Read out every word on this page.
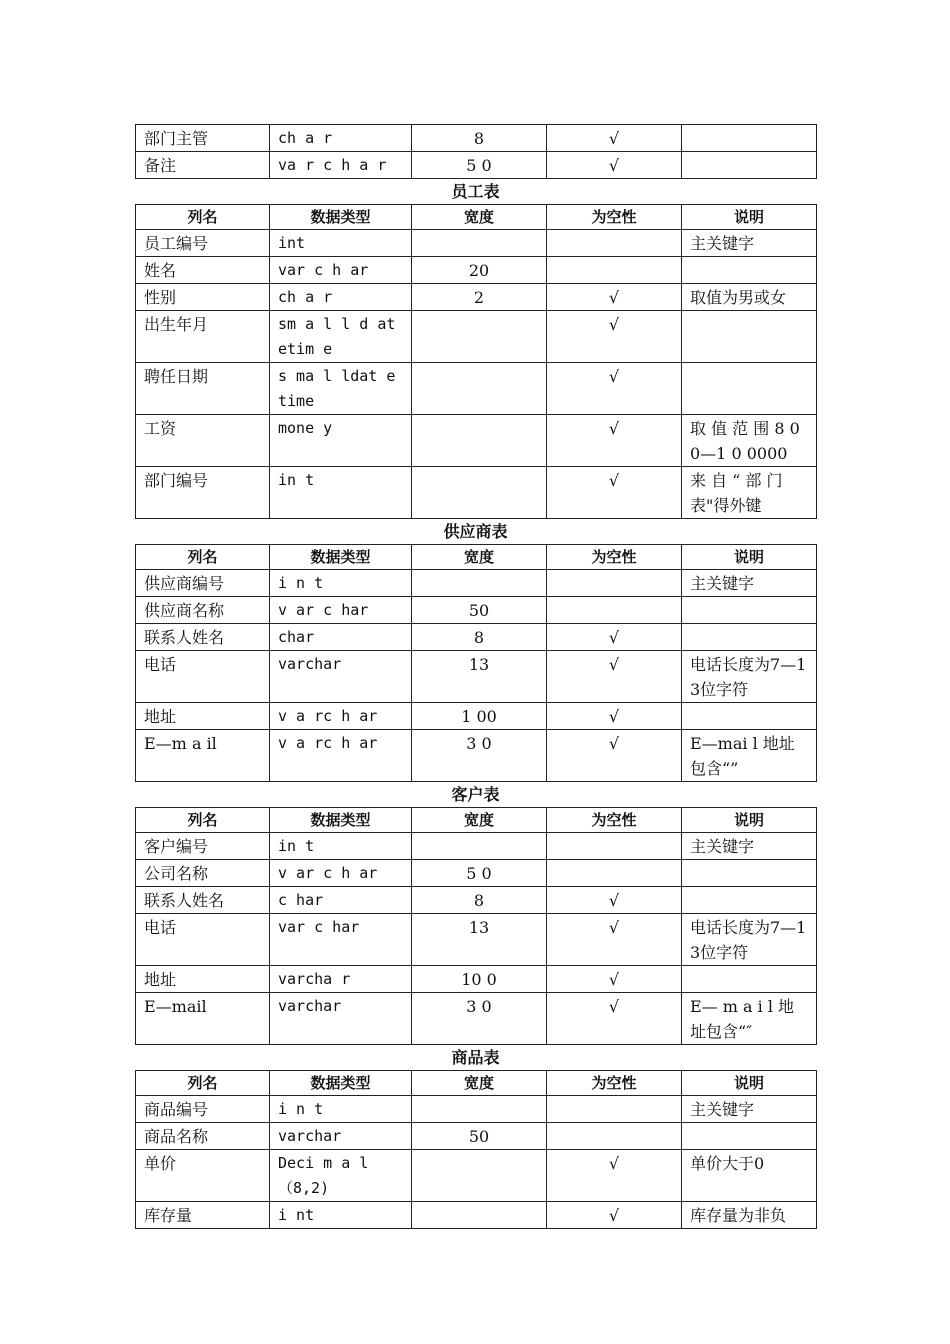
部门主管	ch a r	8	√	
备注	va r c h a r	5 0	√	
员工表
列名	数据类型	宽度	为空性	说明
员工编号	int			主关键字
姓名	var c h ar	20		
性别	ch a r	2	√	取值为男或女
出生年月	sm a l l d atetim e		√	
聘任日期	s ma l ldat e time		√	
工资	mone y		√	取 值 范 围 8 00—1 0 0000
部门编号	in t		√	来 自 “ 部 门 表"得外键
供应商表
列名	数据类型	宽度	为空性	说明
供应商编号	i n t			主关键字
供应商名称	v ar c har	50		
联系人姓名	char	8	√	
电话	varchar	13	√	电话长度为7—13位字符
地址	v a rc h ar	1 00	√	
E—m a il	v a rc h ar	3 0	√	E—mai l 地址包含“”
客户表
列名	数据类型	宽度	为空性	说明
客户编号	in t			主关键字
公司名称	v ar c h ar	5 0		
联系人姓名	c har	8	√	
电话	var c har	13	√	电话长度为7—13位字符
地址	varcha r	10 0	√	
E—mail	varchar	3 0	√	E— m a i l 地址包含“″
商品表
列名	数据类型	宽度	为空性	说明
商品编号	i n t			主关键字
商品名称	varchar	50		
单价	Deci m a l （8,2)		√	单价大于0
库存量	i nt		√	库存量为非负
